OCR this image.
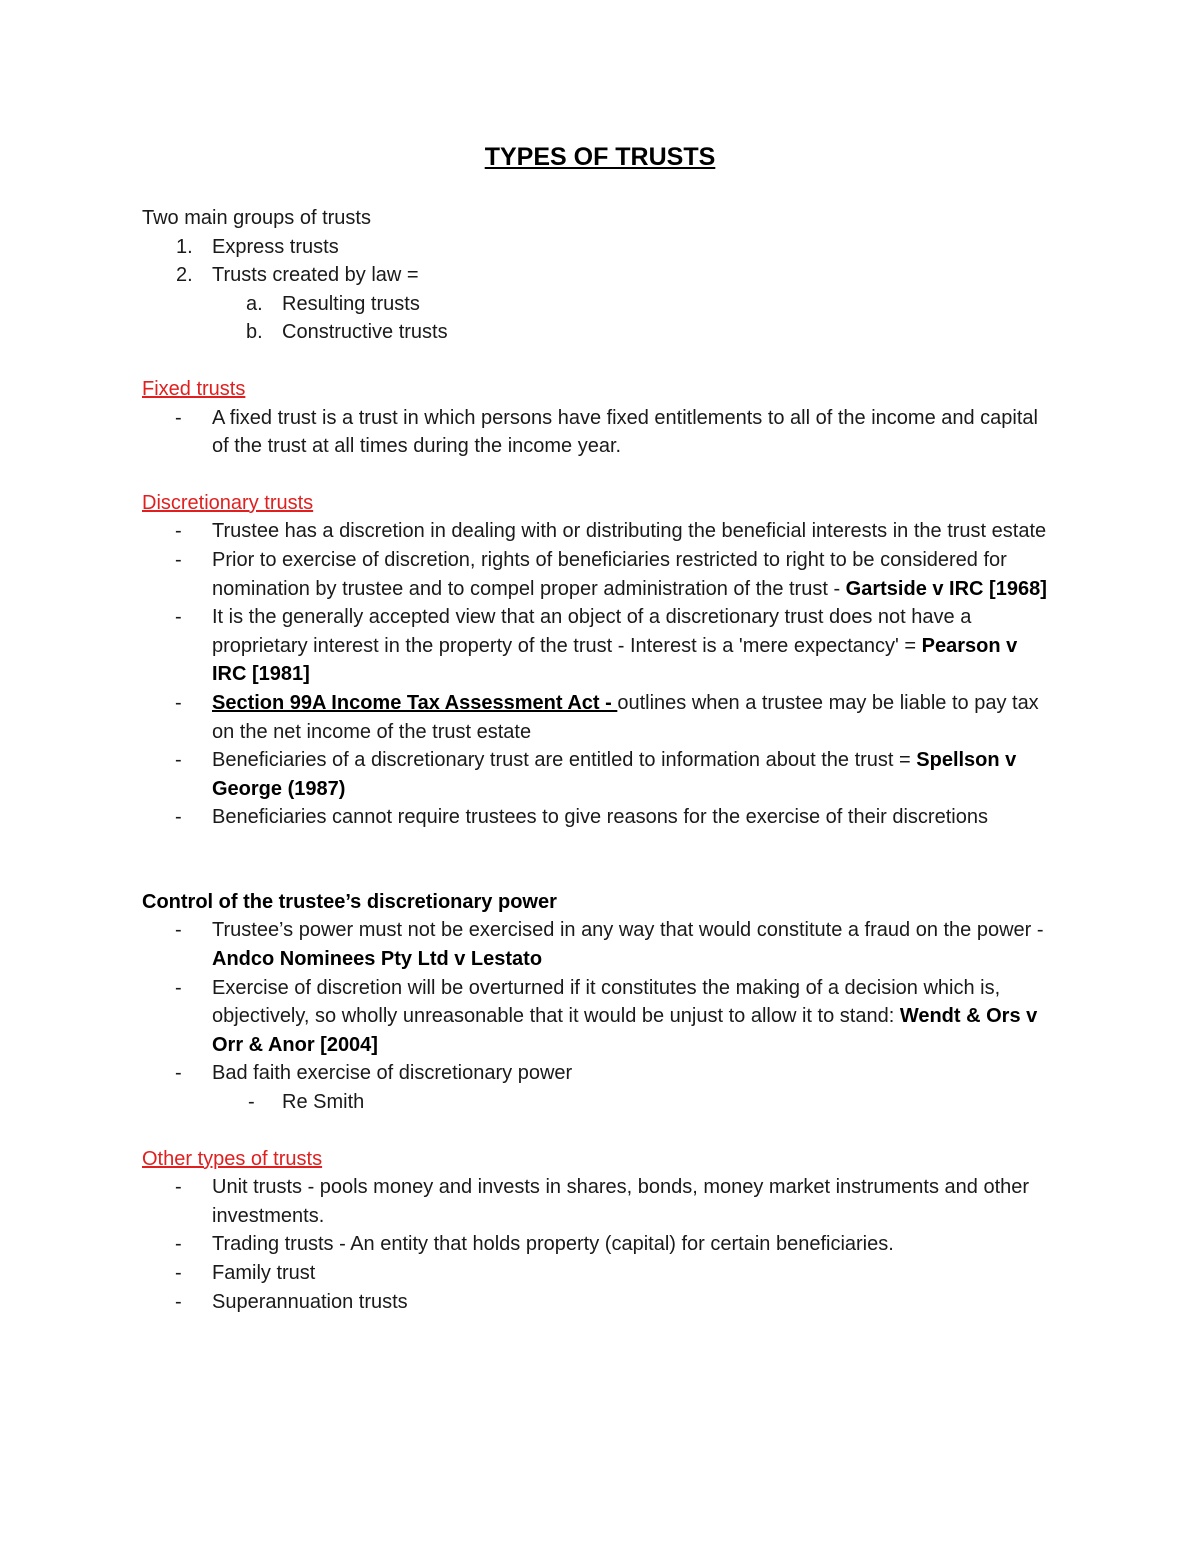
TYPES OF TRUSTS

Two main groups of trusts

1. Express trusts
2. Trusts created by law =
a. Resulting trusts
b. Constructive trusts

Fixed trusts

- A fixed trust is a trust in which persons have fixed entitlements to all of the income and capital of the trust at all times during the income year.

Discretionary trusts

- Trustee has a discretion in dealing with or distributing the beneficial interests in the trust estate
- Prior to exercise of discretion, rights of beneficiaries restricted to right to be considered for nomination by trustee and to compel proper administration of the trust - Gartside v IRC [1968]
- It is the generally accepted view that an object of a discretionary trust does not have a proprietary interest in the property of the trust - Interest is a 'mere expectancy' = Pearson v IRC [1981]
- Section 99A Income Tax Assessment Act - outlines when a trustee may be liable to pay tax on the net income of the trust estate
- Beneficiaries of a discretionary trust are entitled to information about the trust = Spellson v George (1987)
- Beneficiaries cannot require trustees to give reasons for the exercise of their discretions

Control of the trustee’s discretionary power

- Trustee’s power must not be exercised in any way that would constitute a fraud on the power - Andco Nominees Pty Ltd v Lestato
- Exercise of discretion will be overturned if it constitutes the making of a decision which is, objectively, so wholly unreasonable that it would be unjust to allow it to stand: Wendt & Ors v Orr & Anor [2004]
- Bad faith exercise of discretionary power
- Re Smith

Other types of trusts

- Unit trusts - pools money and invests in shares, bonds, money market instruments and other investments.
- Trading trusts - An entity that holds property (capital) for certain beneficiaries.
- Family trust
- Superannuation trusts
